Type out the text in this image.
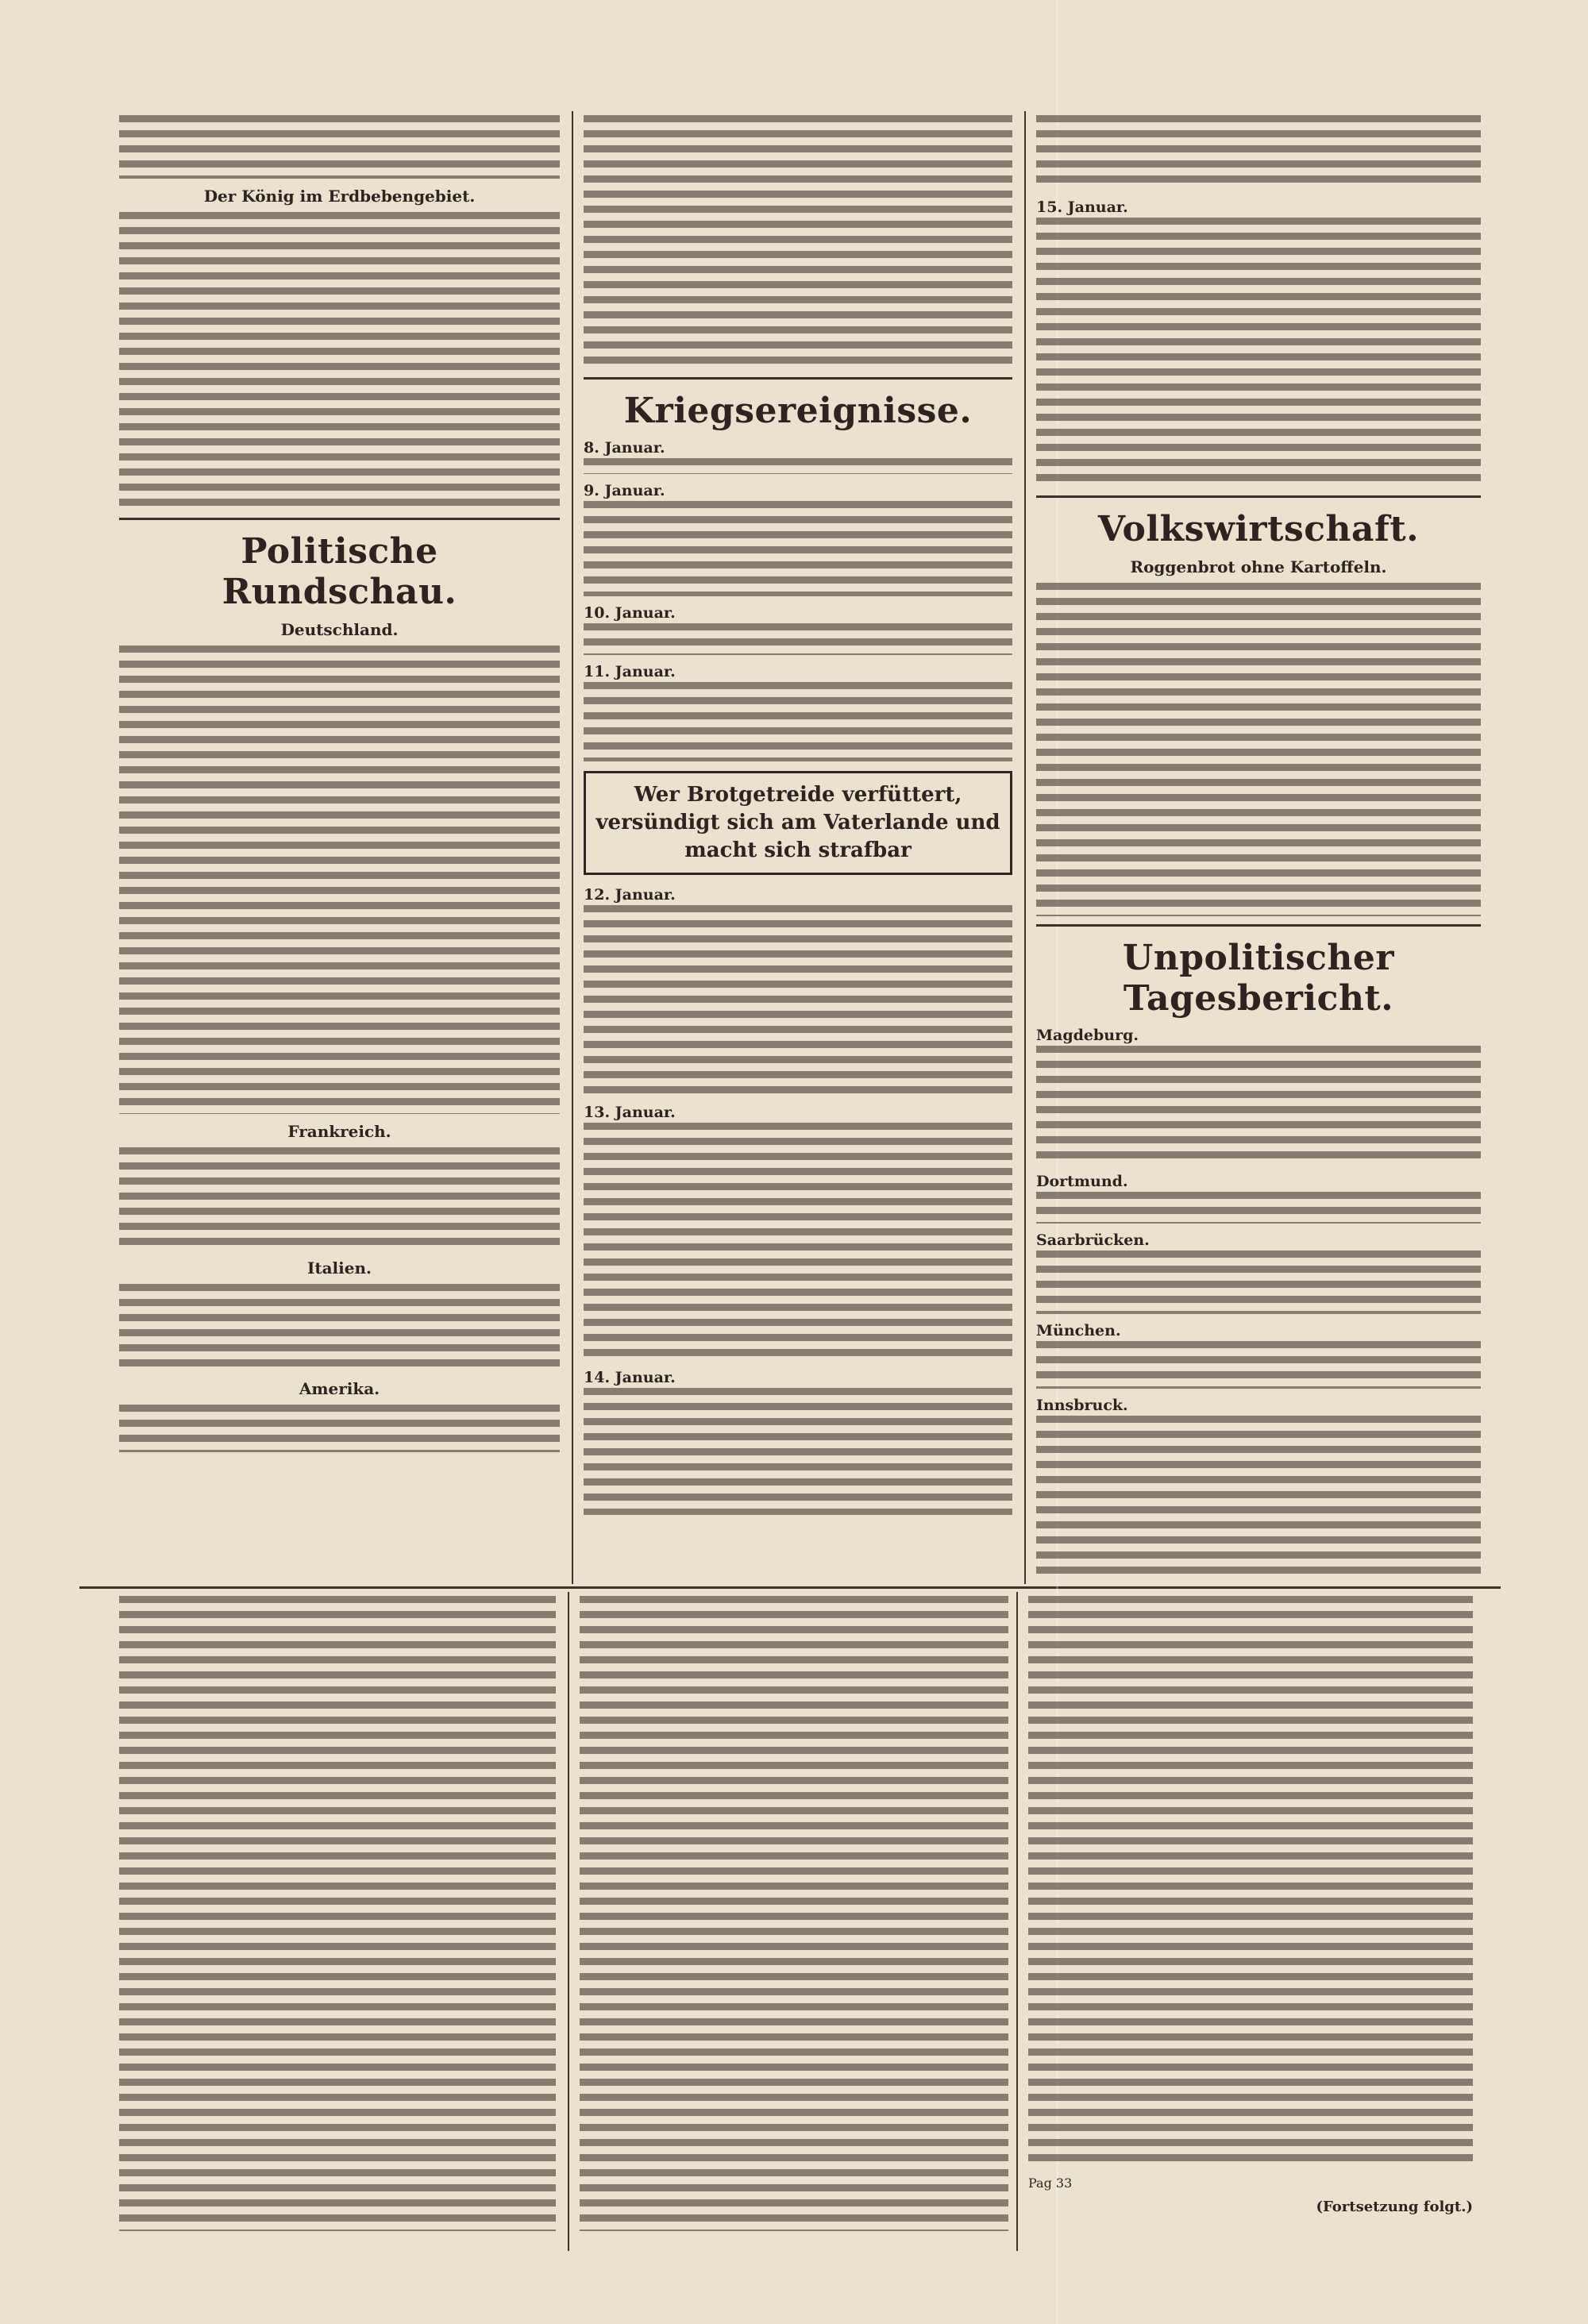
Der König im Erdbebengebiet.
Politische Rundschau.
Deutschland.
Frankreich.
Italien.
Amerika.
Kriegsereignisse.
8. Januar.
9. Januar.
10. Januar.
11. Januar.
Wer Brotgetreide verfüttert, versündigt sich am Vaterlande und macht sich strafbar
12. Januar.
13. Januar.
14. Januar.
15. Januar.
Volkswirtschaft.
Roggenbrot ohne Kartoffeln.
Unpolitischer Tagesbericht.
Magdeburg.
Dortmund.
Saarbrücken.
München.
Innsbruck.
Pag 33
(Fortsetzung folgt.)
